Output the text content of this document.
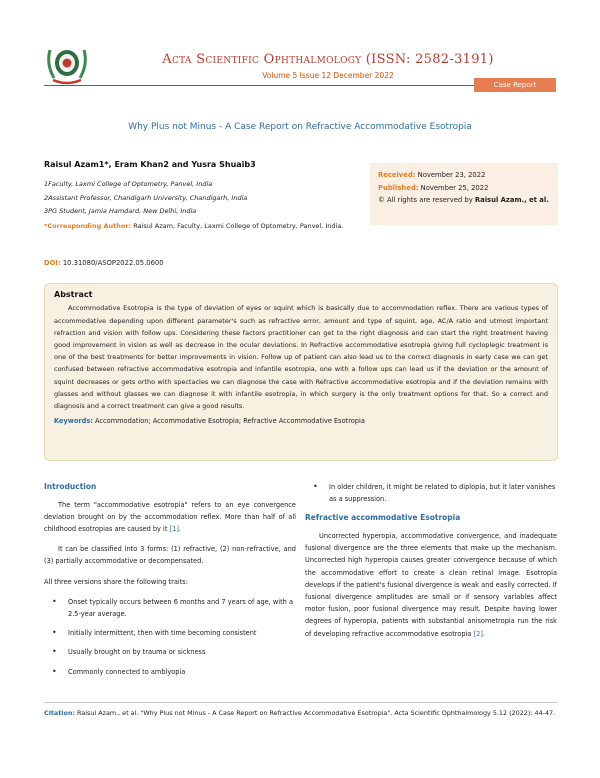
Acta Scientific Ophthalmology (ISSN: 2582-3191)
Volume 5 Issue 12 December 2022
Case Report
Why Plus not Minus - A Case Report on Refractive Accommodative Esotropia
Raisul Azam1*, Eram Khan2 and Yusra Shuaib3
1Faculty, Laxmi College of Optometry, Panvel, India
2Assistant Professor, Chandigarh University, Chandigarh, India
3PG Student, Jamia Hamdard, New Delhi, India
*Corresponding Author: Raisul Azam, Faculty, Laxmi College of Optometry, Panvel, India.
DOI: 10.31080/ASOP2022.05.0600
Received: November 23, 2022
Published: November 25, 2022
© All rights are reserved by Raisul Azam., et al.
Abstract

Accommodative Esotropia is the type of deviation of eyes or squint which is basically due to accommodation reflex. There are various types of accommodative depending upon different parameter's such as refractive error, amount and type of squint, age, AC/A ratio and utmost important refraction and vision with follow ups. Considering these factors practitioner can get to the right diagnosis and can start the right treatment having good improvement in vision as well as decrease in the ocular deviations. In Refractive accommodative esotropia giving full cycloplegic treatment is one of the best treatments for better improvements in vision. Follow up of patient can also lead us to the correct diagnosis in early case we can get confused between refractive accommodative esotropia and infantile esotropia, one with a follow ups can lead us if the deviation or the amount of squint decreases or gets ortho with spectacles we can diagnose the case with Refractive accommodative esotropia and if the deviation remains with glasses and without glasses we can diagnose it with infantile esotropia, in which surgery is the only treatment options for that. So a correct and diagnosis and a correct treatment can give a good results.

Keywords: Accommodation; Accommodative Esotropia; Refractive Accommodative Esotropia
Introduction

The term "accommodative esotropia" refers to an eye convergence deviation brought on by the accommodation reflex. More than half of all childhood esotropias are caused by it [1].

It can be classified into 3 forms: (1) refractive, (2) non-refractive, and (3) partially accommodative or decompensated.

All three versions share the following traits:

• Onset typically occurs between 6 months and 7 years of age, with a 2.5-year average.
• Initially intermittent, then with time becoming consistent
• Usually brought on by trauma or sickness
• Commonly connected to amblyopia
• In older children, it might be related to diplopia, but it later vanishes as a suppression.
Refractive accommodative Esotropia

Uncorrected hyperopia, accommodative convergence, and inadequate fusional divergence are the three elements that make up the mechanism. Uncorrected high hyperopia causes greater convergence because of which the accommodative effort to create a clean retinal image. Esotropia develops if the patient's fusional divergence is weak and easily corrected. If fusional divergence amplitudes are small or if sensory variables affect motor fusion, poor fusional divergence may result. Despite having lower degrees of hyperopia, patients with substantial anisometropia run the risk of developing refractive accommodative esotropia [2].

Citation: Raisul Azam., et al. "Why Plus not Minus - A Case Report on Refractive Accommodative Esotropia". Acta Scientific Ophthalmology 5.12 (2022): 44-47.
